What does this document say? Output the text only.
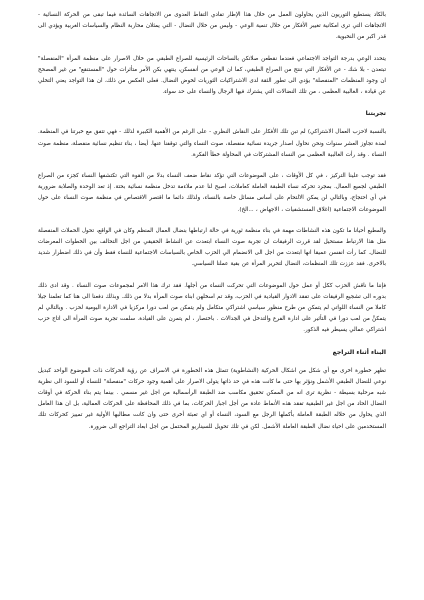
بالكاد يستطيع التوريون الذين يحاولون العمل من خلال هذا الإطار تفادي التقاط العدوى من الاتجاهات السائدة فيما تبقى من الحركة النسائية - الاتجاهات التي ترى امكانية تغيير الأفكار من خلال تنمية الوعي - وليس من خلال النضال - التي يمثلان محاربة النظام والسياسات الغربية ويؤدي الى قدر اكبر من النخبوية.

يتحدد الوعي بدرجة التواجد الاجتماعي فعندما نقطعن صلاتكن بالساحات الرئيسية للصراع الطبقي من خلال الاصرار على منظمة المرأة "المنفصلة" تبتعدن - بلا شك - عن الأفكار التي تنتج من الصراع الطبقي، كما ان الوعي من أنفسكن، ينتهي بكن الأمر متأثرات حول "المستنقع" من غير المصحح ان وجود المنظمات "المنفصلة" يؤدي الى تطور الثقة لدى الاشتراكيات الثوريات لخوض النضال. فعلى العكس من ذلك، ان هذا التواجد يعني التخلي عن قيادة ، الغالبية العظمى ، من تلك النضالات التي يشترك فيها الرجال والنساء على حد سواء.

تجربتنا

بالنسبة لاحزب العمال الاشتراكي) لم تبن تلك الأفكار على النقاش النظري - على الرغم من الأهمية الكبيرة لذلك - فهي تتفق مع خبرتنا في المنظمة. لمدة تجاوز العشر سنوات ونحن نحاول اصدار جريدة نسائية منفصلة، صوت النساء والتي توقفنا عنها. أيضا ، بناء تنظيم نسائية منفصلة، منظمة صوت النساء . وقد رأت الغالبية العظمى من النساء المشتركات في المحاولة خطأ الفكرة.

فقد توجب علينا التركيز ، في كل الأوقات ، على الموضوعات التي تؤكد نقاط ضعف النساء بدلا من القوة التي تكتشفها النساء كجزء من الصراع الطبقي لجميع العمال. بمجرد تحركه نساء الطبقة العاملة كعاملات، اصبح لنا عدم ملاءمة تدخل منظمة نسائية بحتة. إذ تعد الوحدة والصلابة ضرورية في أي احتجاج، وبالتالي لن يمكن الالتحام على أساس مسائل خاصة بالنساء، ولذلك دائما ما اقتصر الاقتصاص في منظمة صوت النساء على حول الموضوعات الاجتماعية (اغلاق المستشفيات ، الاجهاض ، ...الخ).

والمطيع أحيانا ما تكون هذه النشاطات مهمة في بناء منظمة ثورية في حالة ارتباطها بنضال العمال المنظم وكان في الواقع، تحول الحملات المنفصلة مثل هذا الارتباط مستحيل لقد قررت الرفيقات ان تجربة صوت النساء ابتعدت عن النشاط الحقيقي من اجل التحالف بين الخطوات المعرضات للنضال. كما رأت انفسن عميقا انها ابتعدت من اجل الى الانضمام الي الحزب الخاص بالسياسات الاجتماعية للنساء فقط وأن في ذلك اضطرار شديد بالاخرى. فقد عززت تلك المنظمات، النضال لتحرير المرأة عن بقية عملنا السياسي.

فإننا ما ناقش الحزب ككل أو عمل حول الموضوعات التي تحركت النساء من أجلها. فقد ترك هذا الامر لمجموعات صوت النساء . وقد ادى ذلك بدوره الى تشجيع الرفيقات على تفقد الادوار القيادية في الحزب، وقد تم اسخلهن ابناء صوت المرأة بدلا من ذلك. وبذلك دفعنا الى هنا كما تعلمنا جيلا كاملا من النساء اللواتي لم يتمكن من طرح منظور سياسي اشتراكي متكامل ولم يتمكن من لعب دورا مركزيا في الادارة اليومية لحزب . وبالتالي لم يتمكنَّ من لعب دورا في التأثير على ادارة الفرع والتدخل في الجدالات . باختصار ، لم يتمرن على القيادة. سلمت تجربة صوت المرأة الى اتاج حزب اشتراكي عمالي يسيطر فيه الذكور.

البناء أثناء التراجع

تظهر خطورة اخرى مع أي شكل من اشكال الحركية (النشاطوية) تتمثل هذه الخطورة في الاسراف عن رؤية الحركات ذات الموضوع الواحد كبديل نوعي للنضال الطبقي الأشمل ونؤثر بها حتى ما كانت هذه في حد ذاتها يتولى الاصرار على أهمية وجود حركات "منفصلة" للنساء أو للسود الى نظرية شبه مرحلية بسيطة - نظرية ترى انه من الممكن تحقيق مكاسب ضد الطبقة الرأسمالية من اجل غير مسمي . بينما يتم بناء الحركة في أوقات النضال الحاد من اجل غير الطبقية تفقد هذه الأنماط عادة من أجل اجبار الحركات، بما في ذلك المحافظة على الحركات العمالية، بل ان هذا العامل الذي يحاول من خلاله الطبقة العاملة بأكملها الرجل مع السود، النساء أو اي تعبئة أخرى حتى وان كانت مطالبها الأولية غير تمييز كحركات تلك المستخدمين على احياء نضال الطبقة العاملة الأشمل. لكن في تلك تحويل للسيناريو المحتمل من اجل ابعاد التراجع الى ضرورة.
